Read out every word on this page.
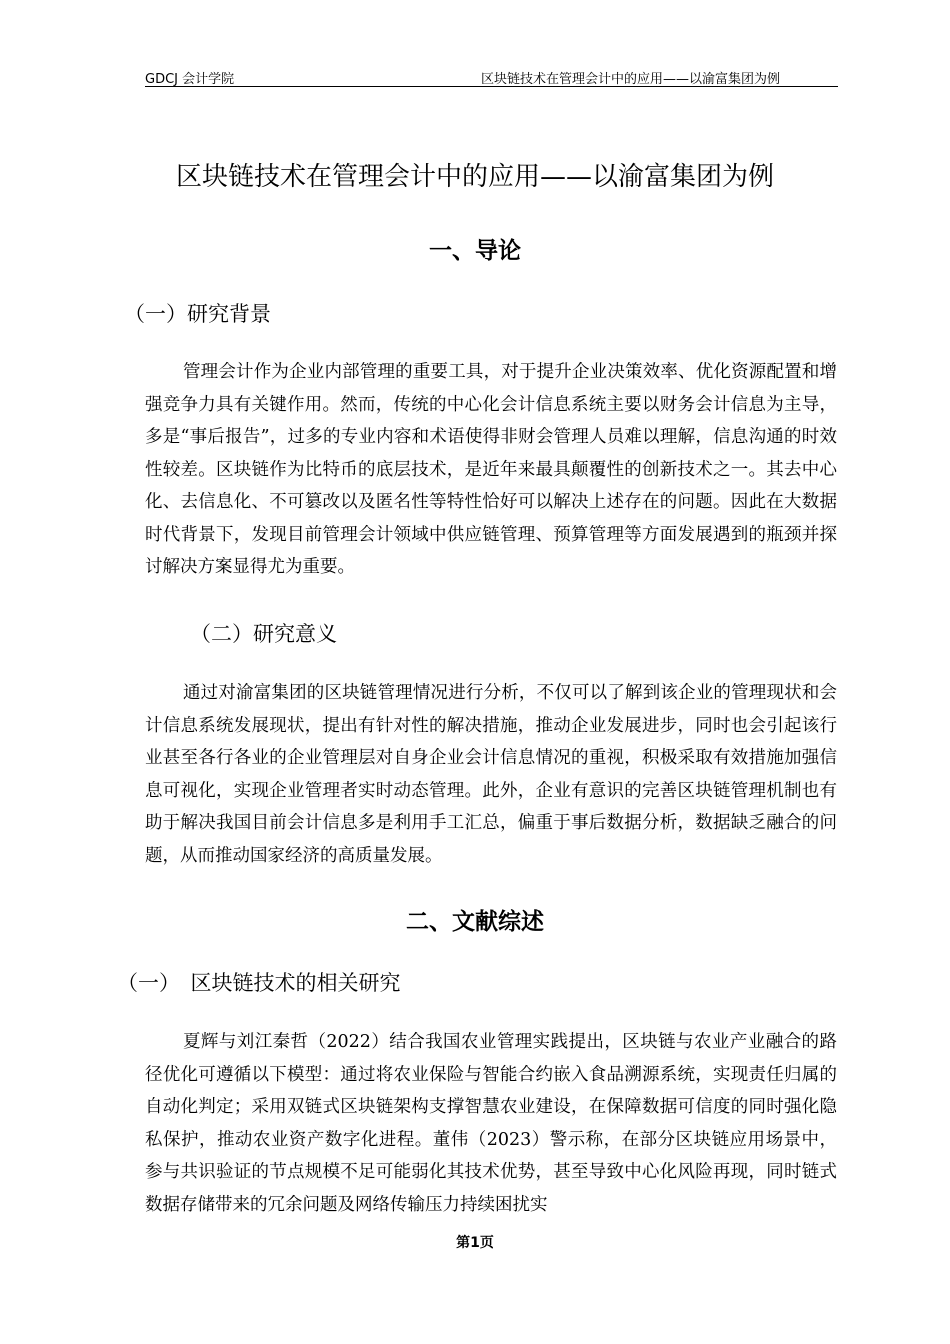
GDCJ 会计学院	区块链技术在管理会计中的应用——以渝富集团为例
区块链技术在管理会计中的应用——以渝富集团为例
一、导论
（一）研究背景

管理会计作为企业内部管理的重要工具，对于提升企业决策效率、优化资源配置和增强竞争力具有关键作用。然而，传统的中心化会计信息系统主要以财务会计信息为主导，多是“事后报告”，过多的专业内容和术语使得非财会管理人员难以理解，信息沟通的时效性较差。区块链作为比特币的底层技术，是近年来最具颠覆性的创新技术之一。其去中心化、去信息化、不可篡改以及匿名性等特性恰好可以解决上述存在的问题。因此在大数据时代背景下，发现目前管理会计领域中供应链管理、预算管理等方面发展遇到的瓶颈并探讨解决方案显得尤为重要。

（二）研究意义

通过对渝富集团的区块链管理情况进行分析，不仅可以了解到该企业的管理现状和会计信息系统发展现状，提出有针对性的解决措施，推动企业发展进步，同时也会引起该行业甚至各行各业的企业管理层对自身企业会计信息情况的重视，积极采取有效措施加强信息可视化，实现企业管理者实时动态管理。此外，企业有意识的完善区块链管理机制也有助于解决我国目前会计信息多是利用手工汇总，偏重于事后数据分析，数据缺乏融合的问题，从而推动国家经济的高质量发展。

二、文献综述
（一）　区块链技术的相关研究

夏辉与刘江秦哲（2022）结合我国农业管理实践提出，区块链与农业产业融合的路径优化可遵循以下模型：通过将农业保险与智能合约嵌入食品溯源系统，实现责任归属的自动化判定；采用双链式区块链架构支撑智慧农业建设，在保障数据可信度的同时强化隐私保护，推动农业资产数字化进程。董伟（2023）警示称，在部分区块链应用场景中，参与共识验证的节点规模不足可能弱化其技术优势，甚至导致中心化风险再现，同时链式数据存储带来的冗余问题及网络传输压力持续困扰实

第1页
